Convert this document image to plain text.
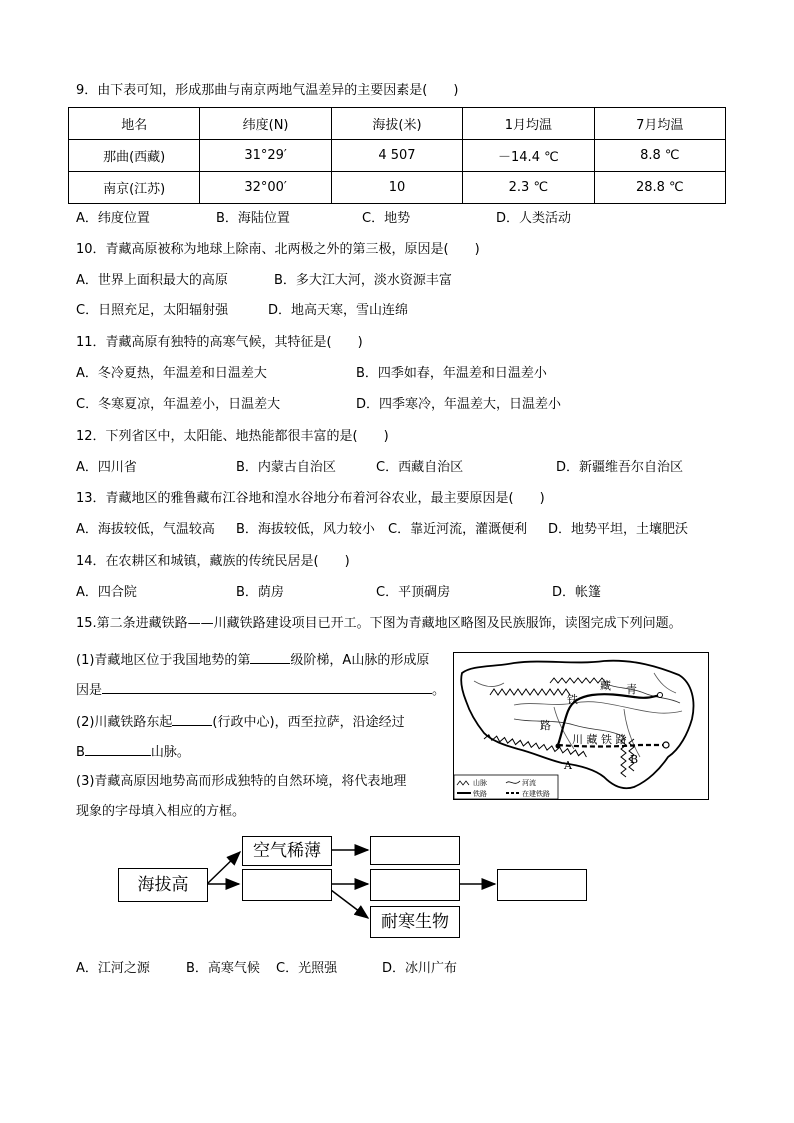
9．由下表可知，形成那曲与南京两地气温差异的主要因素是(　　)
地名	纬度(N)	海拔(米)	1月均温	7月均温
那曲(西藏)	31°29′	4 507	－14.4 ℃	8.8 ℃
南京(江苏)	32°00′	10	2.3 ℃	28.8 ℃
A．纬度位置	B．海陆位置	C．地势	D．人类活动
10．青藏高原被称为地球上除南、北两极之外的第三极，原因是(　　)
A．世界上面积最大的高原	B．多大江大河，淡水资源丰富
C．日照充足，太阳辐射强	D．地高天寒，雪山连绵
11．青藏高原有独特的高寒气候，其特征是(　　)
A．冬冷夏热，年温差和日温差大	B．四季如春，年温差和日温差小
C．冬寒夏凉，年温差小，日温差大	D．四季寒冷，年温差大，日温差小
12．下列省区中，太阳能、地热能都很丰富的是(　　)
A．四川省	B．内蒙古自治区	C．西藏自治区	D．新疆维吾尔自治区
13．青藏地区的雅鲁藏布江谷地和湟水谷地分布着河谷农业，最主要原因是(　　)
A．海拔较低，气温较高 B．海拔较低，风力较小 C．靠近河流，灌溉便利 D．地势平坦，土壤肥沃
14．在农耕区和城镇，藏族的传统民居是(　　)
A．四合院	B．荫房	C．平顶碉房	D．帐篷
15.第二条进藏铁路——川藏铁路建设项目已开工。下图为青藏地区略图及民族服饰，读图完成下列问题。
(1)青藏地区位于我国地势的第	级阶梯，A山脉的形成原
因是	。
(2)川藏铁路东起	(行政中心)，西至拉萨，沿途经过
B	山脉。
(3)青藏高原因地势高而形成独特的自然环境，将代表地理
现象的字母填入相应的方框。
青
藏
铁
路
川 藏 铁 路
A	B
山脉	河流
铁路	在建铁路
海拔高
空气稀薄
耐寒生物
A．江河之源	B．高寒气候 C．光照强	D．冰川广布
